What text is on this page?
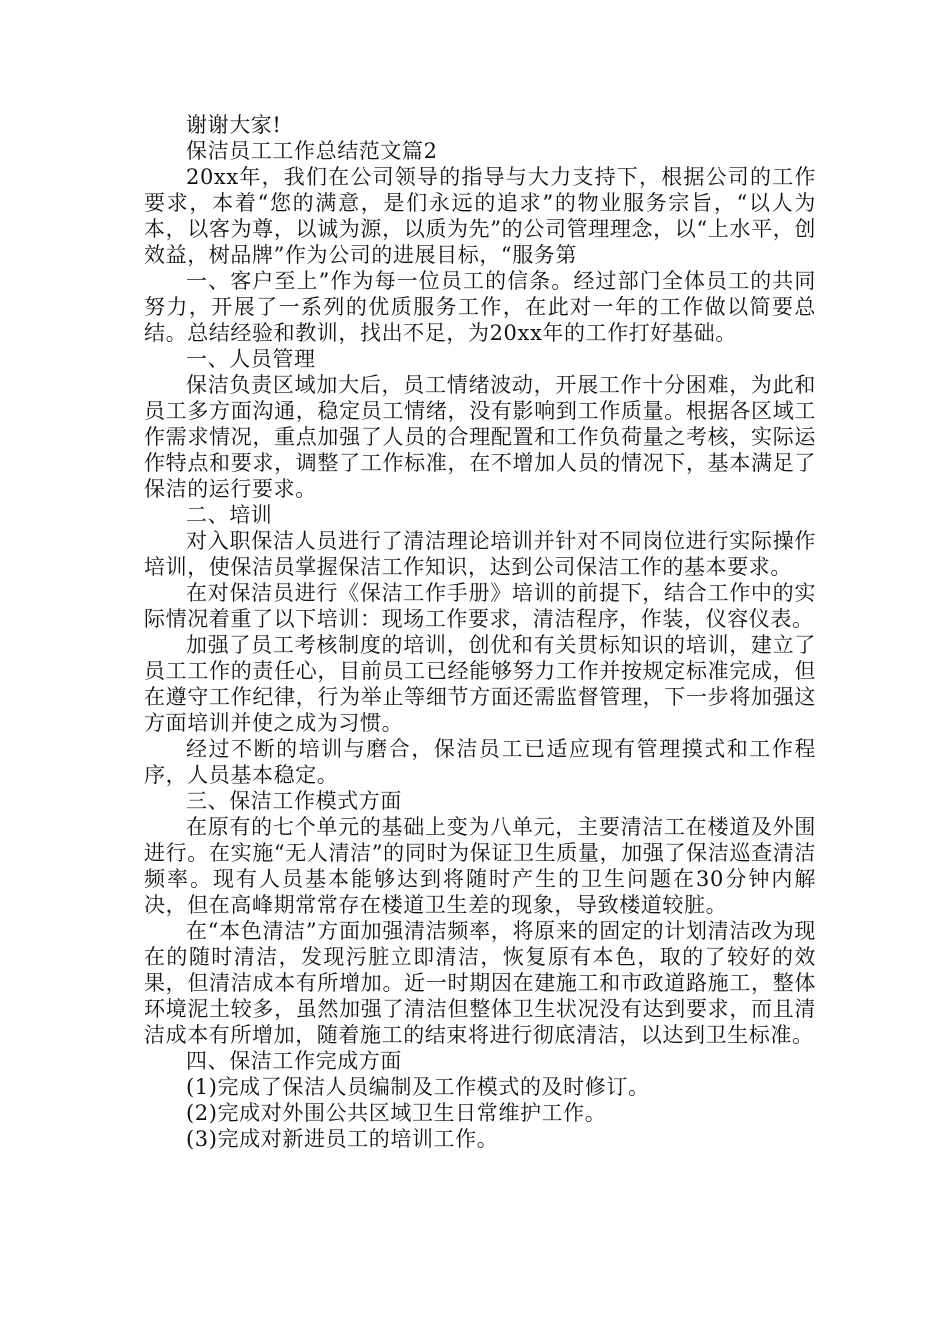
谢谢大家!

保洁员工工作总结范文篇2

20xx年，我们在公司领导的指导与大力支持下，根据公司的工作要求，本着“您的满意，是们永远的追求”的物业服务宗旨，“以人为本，以客为尊，以诚为源，以质为先”的公司管理理念，以“上水平，创效益，树品牌”作为公司的进展目标，“服务第

一、客户至上”作为每一位员工的信条。经过部门全体员工的共同努力，开展了一系列的优质服务工作，在此对一年的工作做以简要总结。总结经验和教训，找出不足，为20xx年的工作打好基础。

一、人员管理

保洁负责区域加大后，员工情绪波动，开展工作十分困难，为此和员工多方面沟通，稳定员工情绪，没有影响到工作质量。根据各区域工作需求情况，重点加强了人员的合理配置和工作负荷量之考核，实际运作特点和要求，调整了工作标准，在不增加人员的情况下，基本满足了保洁的运行要求。

二、培训

对入职保洁人员进行了清洁理论培训并针对不同岗位进行实际操作培训，使保洁员掌握保洁工作知识，达到公司保洁工作的基本要求。

在对保洁员进行《保洁工作手册》培训的前提下，结合工作中的实际情况着重了以下培训：现场工作要求，清洁程序，作装，仪容仪表。

加强了员工考核制度的培训，创优和有关贯标知识的培训，建立了员工工作的责任心，目前员工已经能够努力工作并按规定标准完成，但在遵守工作纪律，行为举止等细节方面还需监督管理，下一步将加强这方面培训并使之成为习惯。

经过不断的培训与磨合，保洁员工已适应现有管理摸式和工作程序，人员基本稳定。

三、保洁工作模式方面

在原有的七个单元的基础上变为八单元，主要清洁工在楼道及外围进行。在实施“无人清洁”的同时为保证卫生质量，加强了保洁巡查清洁频率。现有人员基本能够达到将随时产生的卫生问题在30分钟内解决，但在高峰期常常存在楼道卫生差的现象，导致楼道较脏。

在“本色清洁”方面加强清洁频率，将原来的固定的计划清洁改为现在的随时清洁，发现污脏立即清洁，恢复原有本色，取的了较好的效果，但清洁成本有所增加。近一时期因在建施工和市政道路施工，整体环境泥土较多，虽然加强了清洁但整体卫生状况没有达到要求，而且清洁成本有所增加，随着施工的结束将进行彻底清洁，以达到卫生标准。

四、保洁工作完成方面

(1)完成了保洁人员编制及工作模式的及时修订。

(2)完成对外围公共区域卫生日常维护工作。

(3)完成对新进员工的培训工作。
